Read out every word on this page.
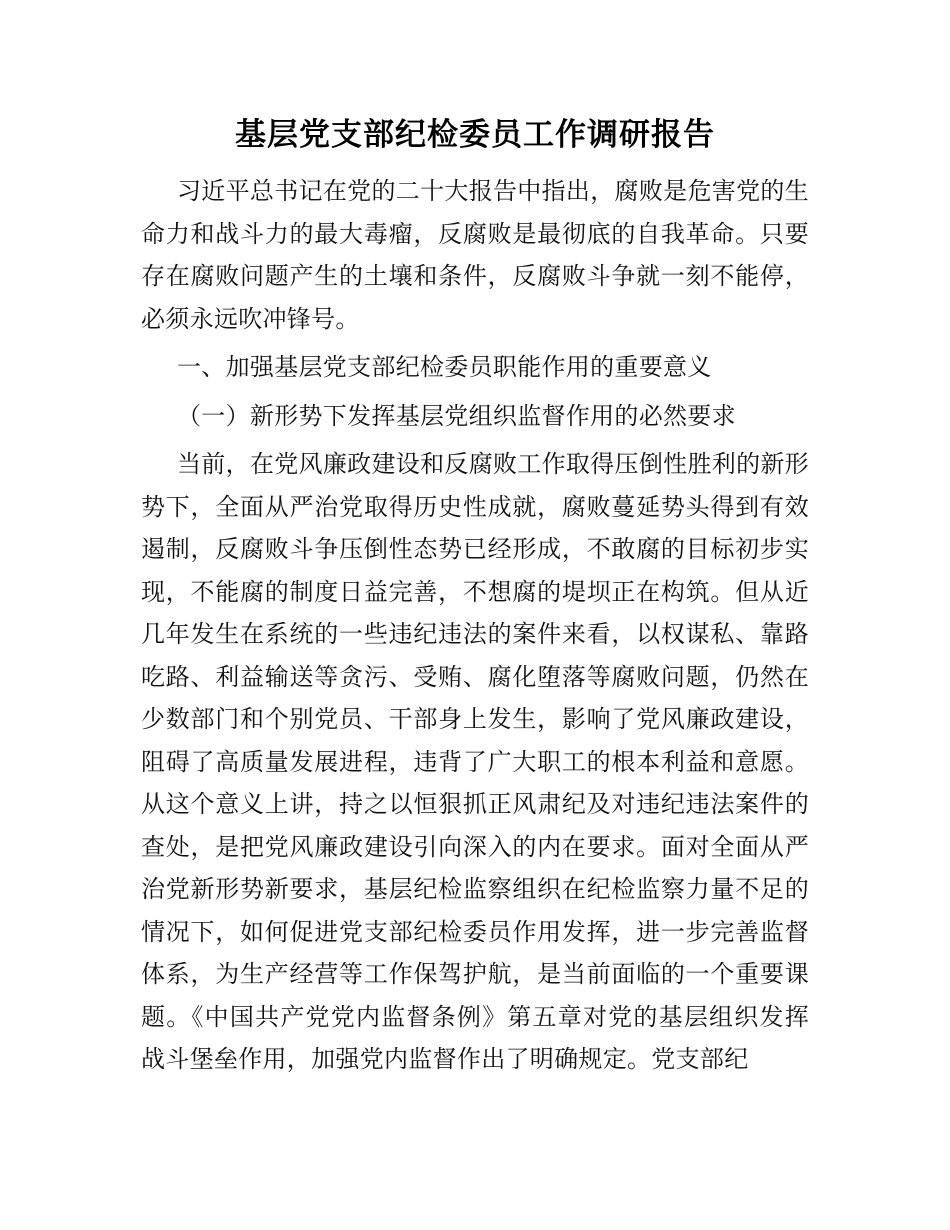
基层党支部纪检委员工作调研报告

习近平总书记在党的二十大报告中指出，腐败是危害党的生命力和战斗力的最大毒瘤，反腐败是最彻底的自我革命。只要存在腐败问题产生的土壤和条件，反腐败斗争就一刻不能停，必须永远吹冲锋号。

一、加强基层党支部纪检委员职能作用的重要意义

（一）新形势下发挥基层党组织监督作用的必然要求

当前，在党风廉政建设和反腐败工作取得压倒性胜利的新形势下，全面从严治党取得历史性成就，腐败蔓延势头得到有效遏制，反腐败斗争压倒性态势已经形成，不敢腐的目标初步实现，不能腐的制度日益完善，不想腐的堤坝正在构筑。但从近几年发生在系统的一些违纪违法的案件来看，以权谋私、靠路吃路、利益输送等贪污、受贿、腐化堕落等腐败问题，仍然在少数部门和个别党员、干部身上发生，影响了党风廉政建设，阻碍了高质量发展进程，违背了广大职工的根本利益和意愿。从这个意义上讲，持之以恒狠抓正风肃纪及对违纪违法案件的查处，是把党风廉政建设引向深入的内在要求。面对全面从严治党新形势新要求，基层纪检监察组织在纪检监察力量不足的情况下，如何促进党支部纪检委员作用发挥，进一步完善监督体系，为生产经营等工作保驾护航，是当前面临的一个重要课题。《中国共产党党内监督条例》第五章对党的基层组织发挥战斗堡垒作用，加强党内监督作出了明确规定。党支部纪
